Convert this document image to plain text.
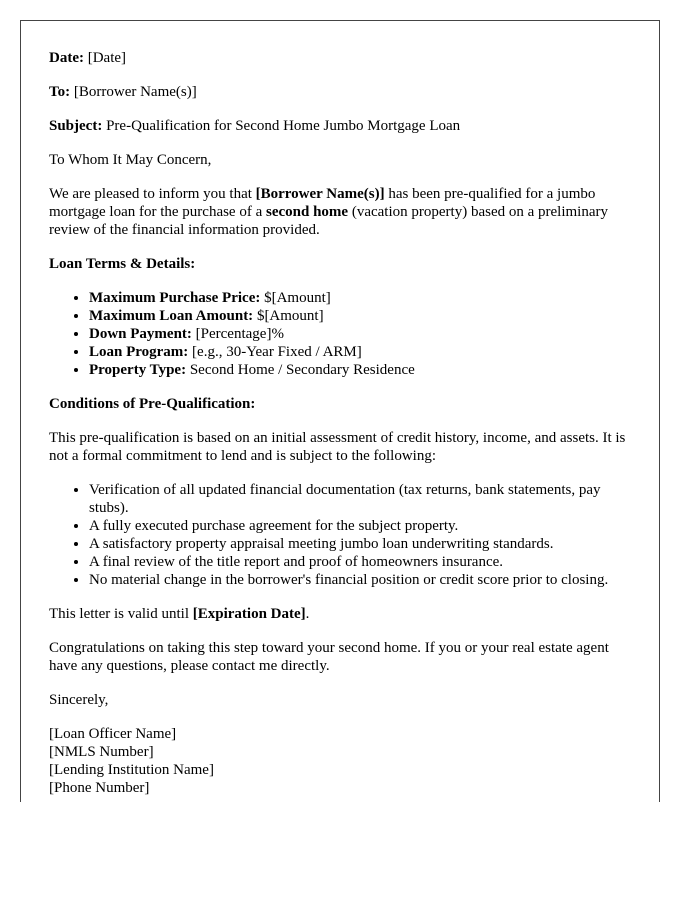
Date: [Date]

To: [Borrower Name(s)]

Subject: Pre-Qualification for Second Home Jumbo Mortgage Loan

To Whom It May Concern,

We are pleased to inform you that [Borrower Name(s)] has been pre-qualified for a jumbo mortgage loan for the purchase of a second home (vacation property) based on a preliminary review of the financial information provided.

Loan Terms & Details:

• Maximum Purchase Price: $[Amount]
• Maximum Loan Amount: $[Amount]
• Down Payment: [Percentage]%
• Loan Program: [e.g., 30-Year Fixed / ARM]
• Property Type: Second Home / Secondary Residence

Conditions of Pre-Qualification:

This pre-qualification is based on an initial assessment of credit history, income, and assets. It is not a formal commitment to lend and is subject to the following:

• Verification of all updated financial documentation (tax returns, bank statements, pay stubs).
• A fully executed purchase agreement for the subject property.
• A satisfactory property appraisal meeting jumbo loan underwriting standards.
• A final review of the title report and proof of homeowners insurance.
• No material change in the borrower's financial position or credit score prior to closing.

This letter is valid until [Expiration Date].

Congratulations on taking this step toward your second home. If you or your real estate agent have any questions, please contact me directly.

Sincerely,

[Loan Officer Name]
[NMLS Number]
[Lending Institution Name]
[Phone Number]
